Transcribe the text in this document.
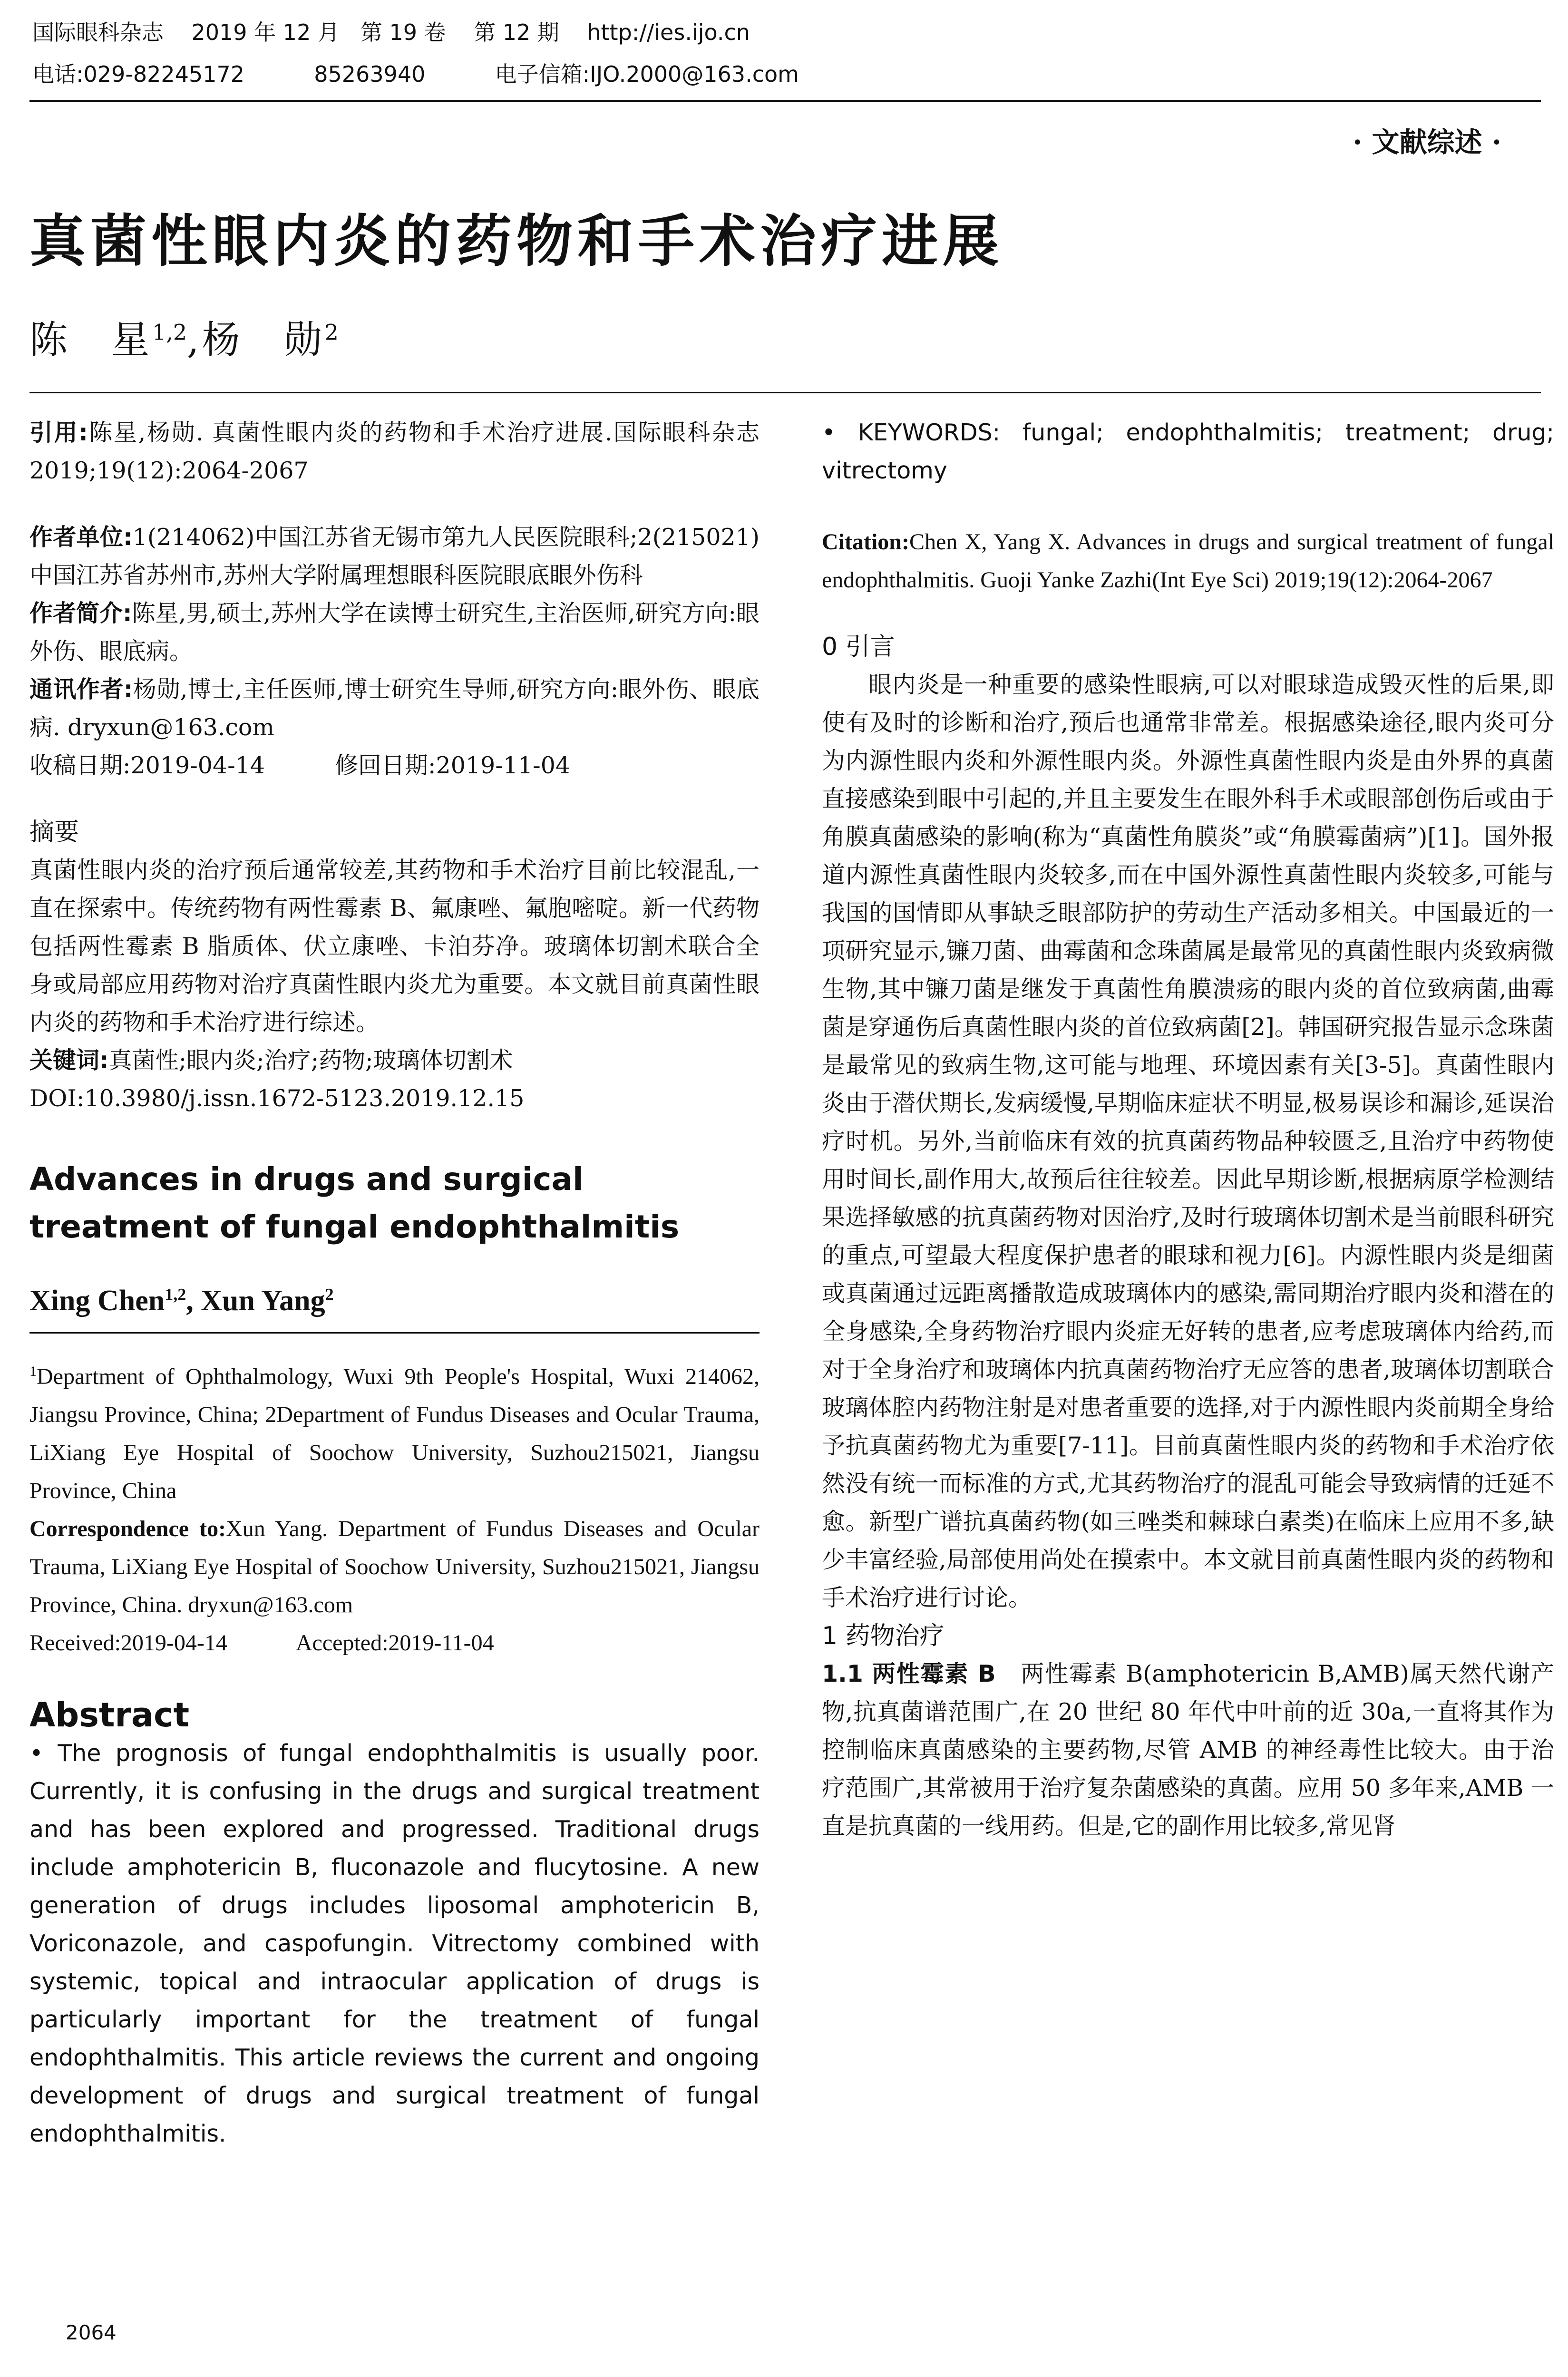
国际眼科杂志    2019 年 12 月   第 19 卷    第 12 期    http://ies.ijo.cn
电话:029-82245172          85263940          电子信箱:IJO.2000@163.com
· 文献综述 ·
真菌性眼内炎的药物和手术治疗进展
陈　星$^{1,2}$,杨　勋$^2$

引用:陈星,杨勋. 真菌性眼内炎的药物和手术治疗进展.国际眼科杂志 2019;19(12):2064-2067

作者单位:1(214062)中国江苏省无锡市第九人民医院眼科;2(215021)中国江苏省苏州市,苏州大学附属理想眼科医院眼底眼外伤科

作者简介:陈星,男,硕士,苏州大学在读博士研究生,主治医师,研究方向:眼外伤、眼底病。

通讯作者:杨勋,博士,主任医师,博士研究生导师,研究方向:眼外伤、眼底病. dryxun@163.com

收稿日期:2019-04-14　　　修回日期:2019-11-04

摘要

真菌性眼内炎的治疗预后通常较差,其药物和手术治疗目前比较混乱,一直在探索中。传统药物有两性霉素 B、氟康唑、氟胞嘧啶。新一代药物包括两性霉素 B 脂质体、伏立康唑、卡泊芬净。玻璃体切割术联合全身或局部应用药物对治疗真菌性眼内炎尤为重要。本文就目前真菌性眼内炎的药物和手术治疗进行综述。

关键词:真菌性;眼内炎;治疗;药物;玻璃体切割术

DOI:10.3980/j.issn.1672-5123.2019.12.15

Advances in drugs and surgical treatment of fungal endophthalmitis

Xing Chen$^{1,2}$, Xun Yang$^2$

$^1$Department of Ophthalmology, Wuxi 9th People's Hospital, Wuxi 214062, Jiangsu Province, China; 2Department of Fundus Diseases and Ocular Trauma, LiXiang Eye Hospital of Soochow University, Suzhou215021, Jiangsu Province, China

Correspondence to:Xun Yang. Department of Fundus Diseases and Ocular Trauma, LiXiang Eye Hospital of Soochow University, Suzhou215021, Jiangsu Province, China. dryxun@163.com

Received:2019-04-14　　　Accepted:2019-11-04

Abstract

• The prognosis of fungal endophthalmitis is usually poor. Currently, it is confusing in the drugs and surgical treatment and has been explored and progressed. Traditional drugs include amphotericin B, fluconazole and flucytosine. A new generation of drugs includes liposomal amphotericin B, Voriconazole, and caspofungin. Vitrectomy combined with systemic, topical and intraocular application of drugs is particularly important for the treatment of fungal endophthalmitis. This article reviews the current and ongoing development of drugs and surgical treatment of fungal endophthalmitis.

• KEYWORDS: fungal; endophthalmitis; treatment; drug; vitrectomy

Citation:Chen X, Yang X. Advances in drugs and surgical treatment of fungal endophthalmitis. Guoji Yanke Zazhi(Int Eye Sci) 2019;19(12):2064-2067

0 引言

眼内炎是一种重要的感染性眼病,可以对眼球造成毁灭性的后果,即使有及时的诊断和治疗,预后也通常非常差。根据感染途径,眼内炎可分为内源性眼内炎和外源性眼内炎。外源性真菌性眼内炎是由外界的真菌直接感染到眼中引起的,并且主要发生在眼外科手术或眼部创伤后或由于角膜真菌感染的影响(称为“真菌性角膜炎”或“角膜霉菌病”)[1]。国外报道内源性真菌性眼内炎较多,而在中国外源性真菌性眼内炎较多,可能与我国的国情即从事缺乏眼部防护的劳动生产活动多相关。中国最近的一项研究显示,镰刀菌、曲霉菌和念珠菌属是最常见的真菌性眼内炎致病微生物,其中镰刀菌是继发于真菌性角膜溃疡的眼内炎的首位致病菌,曲霉菌是穿通伤后真菌性眼内炎的首位致病菌[2]。韩国研究报告显示念珠菌是最常见的致病生物,这可能与地理、环境因素有关[3-5]。真菌性眼内炎由于潜伏期长,发病缓慢,早期临床症状不明显,极易误诊和漏诊,延误治疗时机。另外,当前临床有效的抗真菌药物品种较匮乏,且治疗中药物使用时间长,副作用大,故预后往往较差。因此早期诊断,根据病原学检测结果选择敏感的抗真菌药物对因治疗,及时行玻璃体切割术是当前眼科研究的重点,可望最大程度保护患者的眼球和视力[6]。内源性眼内炎是细菌或真菌通过远距离播散造成玻璃体内的感染,需同期治疗眼内炎和潜在的全身感染,全身药物治疗眼内炎症无好转的患者,应考虑玻璃体内给药,而对于全身治疗和玻璃体内抗真菌药物治疗无应答的患者,玻璃体切割联合玻璃体腔内药物注射是对患者重要的选择,对于内源性眼内炎前期全身给予抗真菌药物尤为重要[7-11]。目前真菌性眼内炎的药物和手术治疗依然没有统一而标准的方式,尤其药物治疗的混乱可能会导致病情的迁延不愈。新型广谱抗真菌药物(如三唑类和棘球白素类)在临床上应用不多,缺少丰富经验,局部使用尚处在摸索中。本文就目前真菌性眼内炎的药物和手术治疗进行讨论。

1 药物治疗

1.1 两性霉素 B　 两性霉素 B(amphotericin B,AMB)属天然代谢产物,抗真菌谱范围广,在 20 世纪 80 年代中叶前的近 30a,一直将其作为控制临床真菌感染的主要药物,尽管 AMB 的神经毒性比较大。由于治疗范围广,其常被用于治疗复杂菌感染的真菌。应用 50 多年来,AMB 一直是抗真菌的一线用药。但是,它的副作用比较多,常见肾

2064
